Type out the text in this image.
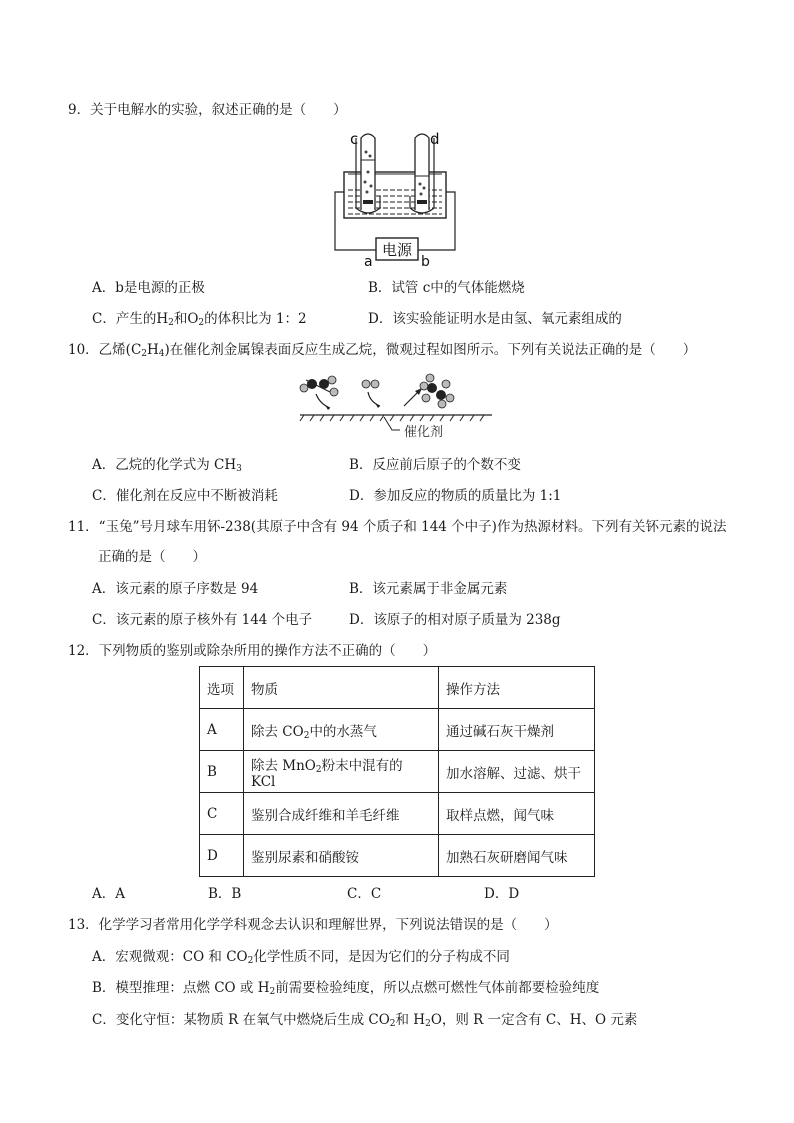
9．关于电解水的实验，叙述正确的是（　　）
c	d
电源
a	b
A．b是电源的正极	B．试管 c中的气体能燃烧
C．产生的$H_2$和$O_2$的体积比为 1：2	D．该实验能证明水是由氢、氧元素组成的
10．乙烯$(C_2H_4)$在催化剂金属镍表面反应生成乙烷，微观过程如图所示。下列有关说法正确的是（　　）
催化剂
A．乙烷的化学式为 $CH_3$	B．反应前后原子的个数不变
C．催化剂在反应中不断被消耗	D．参加反应的物质的质量比为 1:1
11．“玉兔”号月球车用钚-238(其原子中含有 94 个质子和 144 个中子)作为热源材料。下列有关钚元素的说法
正确的是（　　）
A．该元素的原子序数是 94	B．该元素属于非金属元素
C．该元素的原子核外有 144 个电子	D．该原子的相对原子质量为 238g
12．下列物质的鉴别或除杂所用的操作方法不正确的（　　）
选项	物质	操作方法
A	除去 $CO_2$中的水蒸气	通过碱石灰干燥剂
B	除去 MnO$_2$粉末中混有的 KCl	加水溶解、过滤、烘干
C	鉴别合成纤维和羊毛纤维	取样点燃，闻气味
D	鉴别尿素和硝酸铵	加熟石灰研磨闻气味
A．A	B．B	C．C	D．D
13．化学学习者常用化学学科观念去认识和理解世界，下列说法错误的是（　　）
A．宏观微观：CO 和 $CO_2$化学性质不同，是因为它们的分子构成不同
B．模型推理：点燃 CO 或 $H_2$前需要检验纯度，所以点燃可燃性气体前都要检验纯度
C．变化守恒：某物质 R 在氧气中燃烧后生成 $CO_2$和 $H_2O$，则 R 一定含有 C、H、O 元素
